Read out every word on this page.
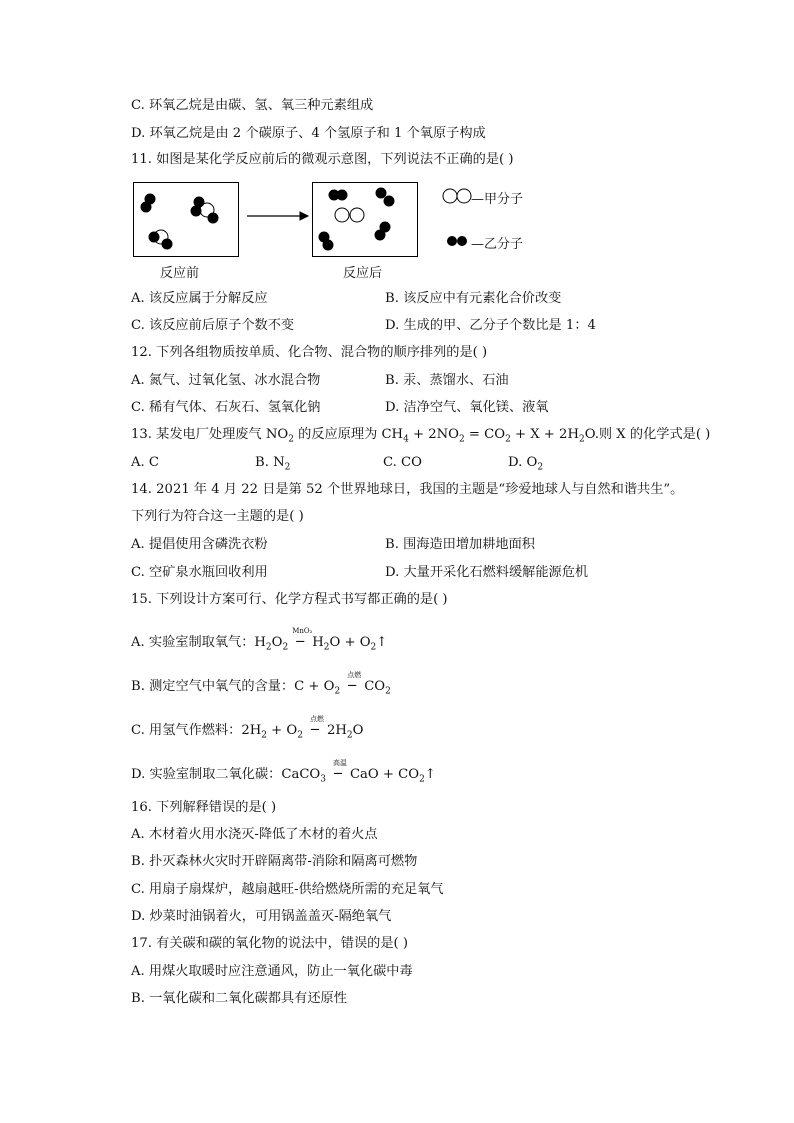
C. 环氧乙烷是由碳、氢、氧三种元素组成
D. 环氧乙烷是由 2 个碳原子、4 个氢原子和 1 个氧原子构成
11. 如图是某化学反应前后的微观示意图，下列说法不正确的是( )
反应前	反应后
—甲分子
—乙分子
A. 该反应属于分解反应	B. 该反应中有元素化合价改变
C. 该反应前后原子个数不变	D. 生成的甲、乙分子个数比是 1：4
12. 下列各组物质按单质、化合物、混合物的顺序排列的是( )
A. 氮气、过氧化氢、冰水混合物	B. 汞、蒸馏水、石油
C. 稀有气体、石灰石、氢氧化钠	D. 洁净空气、氧化镁、液氧
13. 某发电厂处理废气 $NO_2$ 的反应原理为 $CH_4 + 2NO_2 = CO_2 + X + 2H_2O$.则 X 的化学式是( )
A. C	B. $N_2$	C. CO	D. $O_2$
14. 2021 年 4 月 22 日是第 52 个世界地球日，我国的主题是“珍爱地球人与自然和谐共生”。
下列行为符合这一主题的是( )
A. 提倡使用含磷洗衣粉	B. 围海造田增加耕地面积
C. 空矿泉水瓶回收利用	D. 大量开采化石燃料缓解能源危机
15. 下列设计方案可行、化学方程式书写都正确的是( )
A. 实验室制取氧气：$H_2O_2$
MnO₂
─ $H_2O$ + $O_2↑$
B. 测定空气中氧气的含量：$C + O_2$
点燃
─ $CO_2$
C. 用氢气作燃料：$2H_2 + O_2$
点燃
─ $2H_2O$
D. 实验室制取二氧化碳：CaCO$_3$
高温
─ CaO + $CO_2↑$
16. 下列解释错误的是( )
A. 木材着火用水浇灭-降低了木材的着火点
B. 扑灭森林火灾时开辟隔离带-消除和隔离可燃物
C. 用扇子扇煤炉，越扇越旺-供给燃烧所需的充足氧气
D. 炒菜时油锅着火，可用锅盖盖灭-隔绝氧气
17. 有关碳和碳的氧化物的说法中，错误的是( )
A. 用煤火取暖时应注意通风，防止一氧化碳中毒
B. 一氧化碳和二氧化碳都具有还原性
